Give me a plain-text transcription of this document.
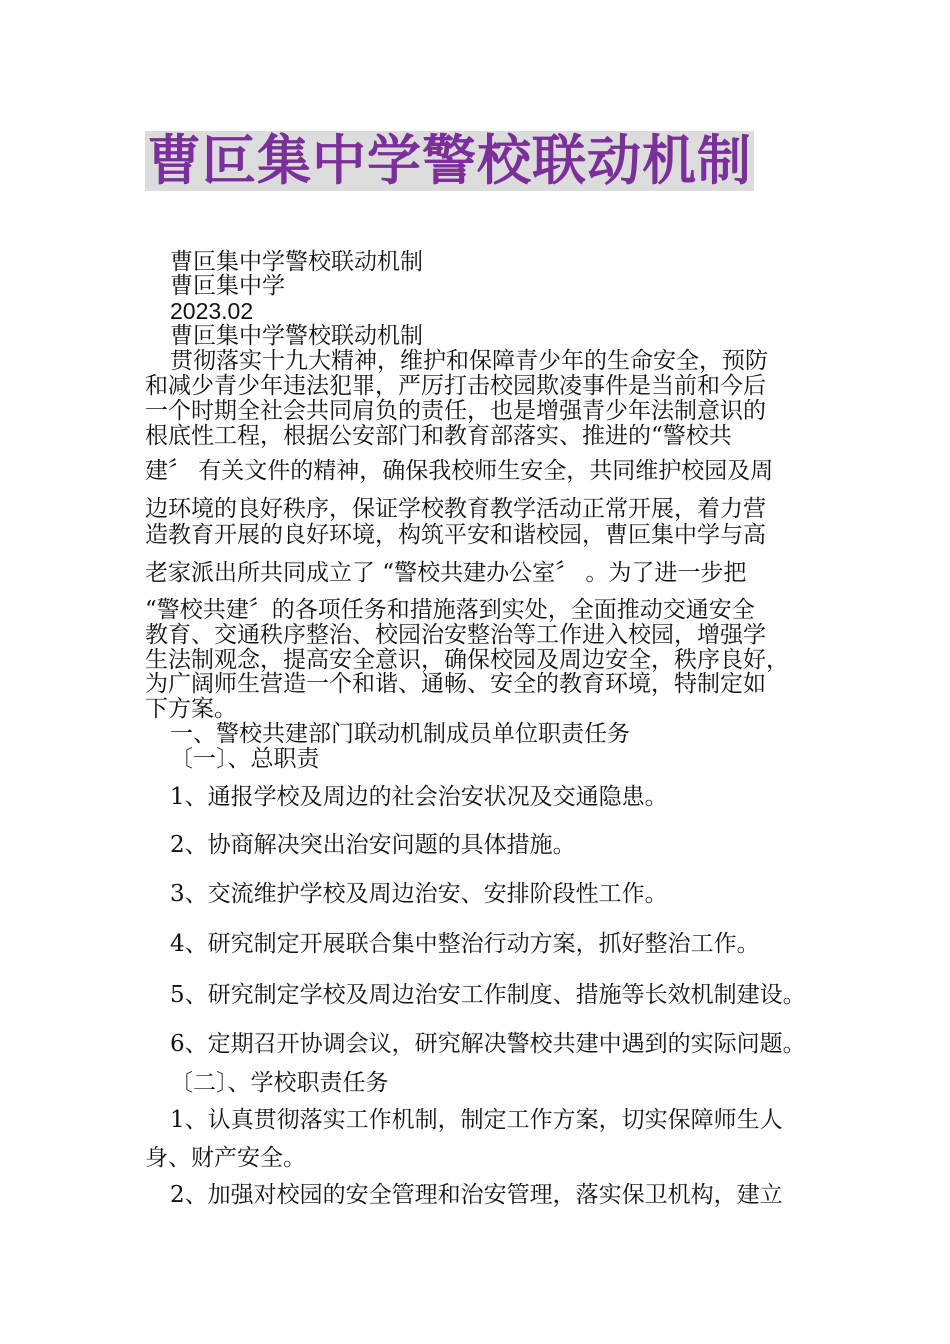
曹叵集中学警校联动机制
曹叵集中学警校联动机制
曹叵集中学
2023.02
曹叵集中学警校联动机制
贯彻落实十九大精神，维护和保障青少年的生命安全，预防
和减少青少年违法犯罪，严厉打击校园欺凌事件是当前和今后
一个时期全社会共同肩负的责任，也是增强青少年法制意识的
根底性工程，根据公安部门和教育部落实、推进的“警校共
建〞 有关文件的精神，确保我校师生安全，共同维护校园及周
边环境的良好秩序，保证学校教育教学活动正常开展，着力营
造教育开展的良好环境，构筑平安和谐校园，曹叵集中学与高
老家派出所共同成立了 “警校共建办公室〞 。为了进一步把
“警校共建〞的各项任务和措施落到实处，全面推动交通安全
教育、交通秩序整治、校园治安整治等工作进入校园，增强学
生法制观念，提高安全意识，确保校园及周边安全，秩序良好，
为广阔师生营造一个和谐、通畅、安全的教育环境，特制定如
下方案。
一、警校共建部门联动机制成员单位职责任务
〔一〕、总职责
1、通报学校及周边的社会治安状况及交通隐患。
2、协商解决突出治安问题的具体措施。
3、交流维护学校及周边治安、安排阶段性工作。
4、研究制定开展联合集中整治行动方案，抓好整治工作。
5、研究制定学校及周边治安工作制度、措施等长效机制建设。
6、定期召开协调会议，研究解决警校共建中遇到的实际问题。
〔二〕、学校职责任务
1、认真贯彻落实工作机制，制定工作方案，切实保障师生人
身、财产安全。
2、加强对校园的安全管理和治安管理，落实保卫机构，建立
